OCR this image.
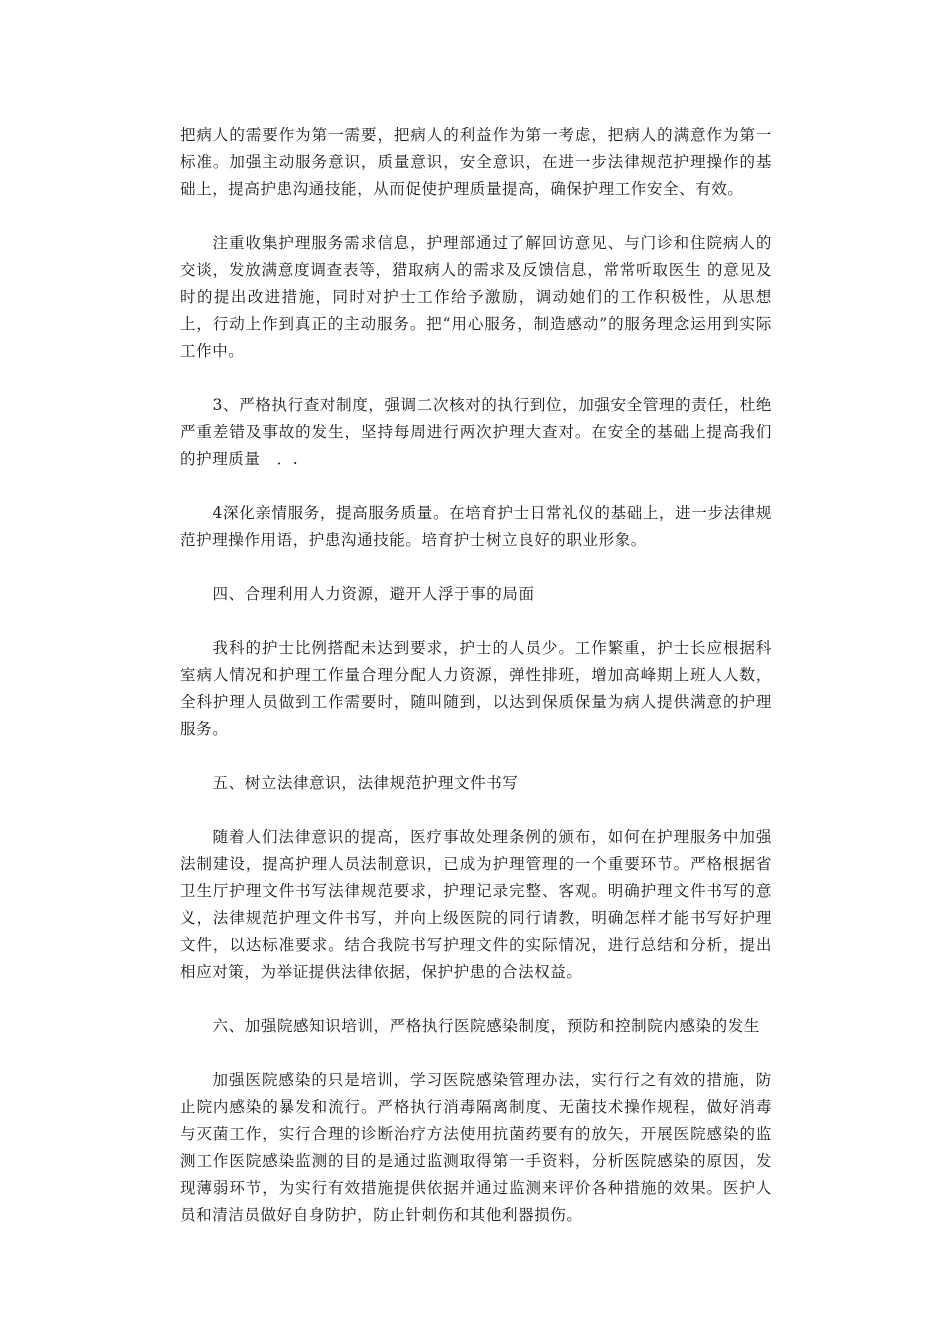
把病人的需要作为第一需要，把病人的利益作为第一考虑，把病人的满意作为第一标准。加强主动服务意识，质量意识，安全意识，在进一步法律规范护理操作的基础上，提高护患沟通技能，从而促使护理质量提高，确保护理工作安全、有效。

注重收集护理服务需求信息，护理部通过了解回访意见、与门诊和住院病人的交谈，发放满意度调查表等，猎取病人的需求及反馈信息，常常听取医生 的意见及时的提出改进措施，同时对护士工作给予激励，调动她们的工作积极性，从思想上，行动上作到真正的主动服务。把“用心服务，制造感动”的服务理念运用到实际工作中。

3、严格执行查对制度，强调二次核对的执行到位，加强安全管理的责任，杜绝严重差错及事故的发生，坚持每周进行两次护理大查对。在安全的基础上提高我们的护理质量　．.

4深化亲情服务，提高服务质量。在培育护士日常礼仪的基础上，进一步法律规范护理操作用语，护患沟通技能。培育护士树立良好的职业形象。

四、合理利用人力资源，避开人浮于事的局面

我科的护士比例搭配未达到要求，护士的人员少。工作繁重，护士长应根据科室病人情况和护理工作量合理分配人力资源，弹性排班，增加高峰期上班人人数，全科护理人员做到工作需要时，随叫随到，以达到保质保量为病人提供满意的护理服务。

五、树立法律意识，法律规范护理文件书写

随着人们法律意识的提高，医疗事故处理条例的颁布，如何在护理服务中加强法制建设，提高护理人员法制意识，已成为护理管理的一个重要环节。严格根据省卫生厅护理文件书写法律规范要求，护理记录完整、客观。明确护理文件书写的意义，法律规范护理文件书写，并向上级医院的同行请教，明确怎样才能书写好护理文件，以达标准要求。结合我院书写护理文件的实际情况，进行总结和分析，提出相应对策，为举证提供法律依据，保护护患的合法权益。

六、加强院感知识培训，严格执行医院感染制度，预防和控制院内感染的发生

加强医院感染的只是培训，学习医院感染管理办法，实行行之有效的措施，防止院内感染的暴发和流行。严格执行消毒隔离制度、无菌技术操作规程，做好消毒与灭菌工作，实行合理的诊断治疗方法使用抗菌药要有的放矢，开展医院感染的监测工作医院感染监测的目的是通过监测取得第一手资料，分析医院感染的原因，发现薄弱环节，为实行有效措施提供依据并通过监测来评价各种措施的效果。医护人员和清洁员做好自身防护，防止针刺伤和其他利器损伤。
